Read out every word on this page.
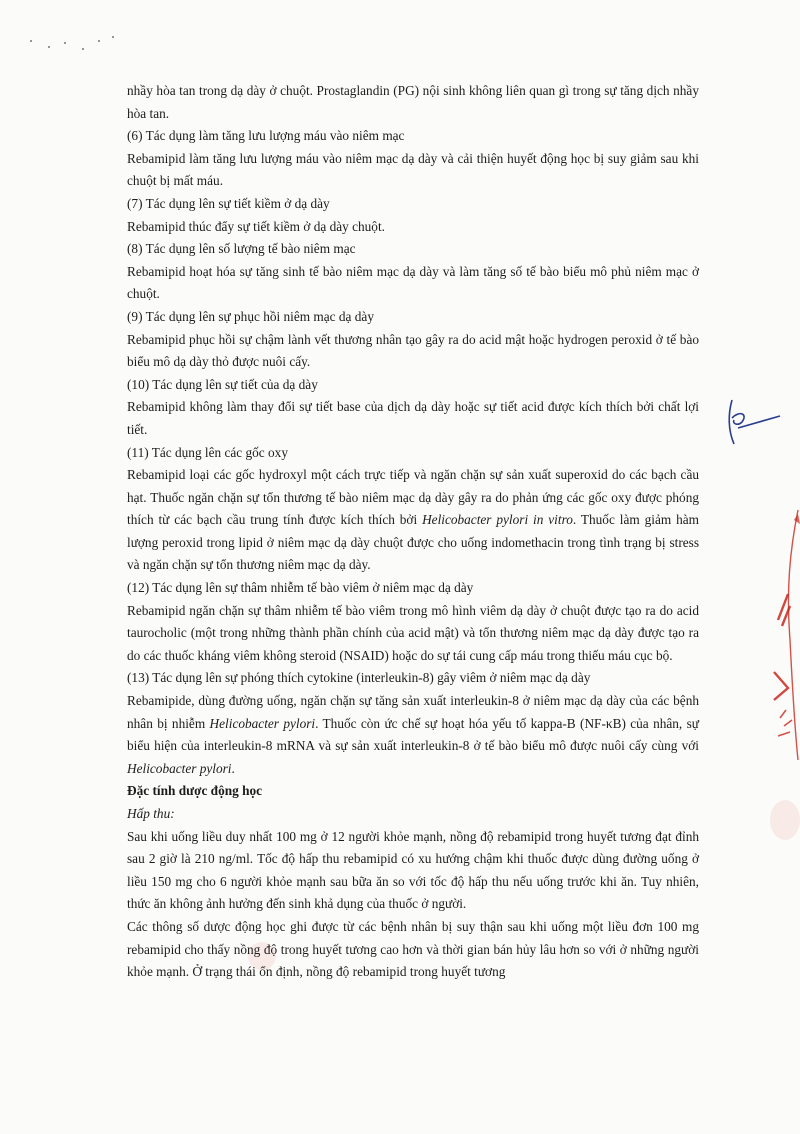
nhầy hòa tan trong dạ dày ở chuột. Prostaglandin (PG) nội sinh không liên quan gì trong sự tăng dịch nhầy hòa tan.

(6) Tác dụng làm tăng lưu lượng máu vào niêm mạc

Rebamipid làm tăng lưu lượng máu vào niêm mạc dạ dày và cải thiện huyết động học bị suy giảm sau khi chuột bị mất máu.

(7) Tác dụng lên sự tiết kiềm ở dạ dày

Rebamipid thúc đẩy sự tiết kiềm ở dạ dày chuột.

(8) Tác dụng lên số lượng tế bào niêm mạc

Rebamipid hoạt hóa sự tăng sinh tế bào niêm mạc dạ dày và làm tăng số tế bào biểu mô phủ niêm mạc ở chuột.

(9) Tác dụng lên sự phục hồi niêm mạc dạ dày

Rebamipid phục hồi sự chậm lành vết thương nhân tạo gây ra do acid mật hoặc hydrogen peroxid ở tế bào biểu mô dạ dày thỏ được nuôi cấy.

(10) Tác dụng lên sự tiết của dạ dày

Rebamipid không làm thay đổi sự tiết base của dịch dạ dày hoặc sự tiết acid được kích thích bởi chất lợi tiết.

(11) Tác dụng lên các gốc oxy

Rebamipid loại các gốc hydroxyl một cách trực tiếp và ngăn chặn sự sản xuất superoxid do các bạch cầu hạt. Thuốc ngăn chặn sự tổn thương tế bào niêm mạc dạ dày gây ra do phản ứng các gốc oxy được phóng thích từ các bạch cầu trung tính được kích thích bởi Helicobacter pylori in vitro. Thuốc làm giảm hàm lượng peroxid trong lipid ở niêm mạc dạ dày chuột được cho uống indomethacin trong tình trạng bị stress và ngăn chặn sự tổn thương niêm mạc dạ dày.

(12) Tác dụng lên sự thâm nhiễm tế bào viêm ở niêm mạc dạ dày

Rebamipid ngăn chặn sự thâm nhiễm tế bào viêm trong mô hình viêm dạ dày ở chuột được tạo ra do acid taurocholic (một trong những thành phần chính của acid mật) và tổn thương niêm mạc dạ dày được tạo ra do các thuốc kháng viêm không steroid (NSAID) hoặc do sự tái cung cấp máu trong thiếu máu cục bộ.

(13) Tác dụng lên sự phóng thích cytokine (interleukin-8) gây viêm ở niêm mạc dạ dày

Rebamipide, dùng đường uống, ngăn chặn sự tăng sản xuất interleukin-8 ở niêm mạc dạ dày của các bệnh nhân bị nhiễm Helicobacter pylori. Thuốc còn ức chế sự hoạt hóa yếu tố kappa-B (NF-κB) của nhân, sự biểu hiện của interleukin-8 mRNA và sự sản xuất interleukin-8 ở tế bào biểu mô được nuôi cấy cùng với Helicobacter pylori.

Đặc tính dược động học

Hấp thu:

Sau khi uống liều duy nhất 100 mg ở 12 người khỏe mạnh, nồng độ rebamipid trong huyết tương đạt đỉnh sau 2 giờ là 210 ng/ml. Tốc độ hấp thu rebamipid có xu hướng chậm khi thuốc được dùng đường uống ở liều 150 mg cho 6 người khỏe mạnh sau bữa ăn so với tốc độ hấp thu nếu uống trước khi ăn. Tuy nhiên, thức ăn không ảnh hưởng đến sinh khả dụng của thuốc ở người.

Các thông số dược động học ghi được từ các bệnh nhân bị suy thận sau khi uống một liều đơn 100 mg rebamipid cho thấy nồng độ trong huyết tương cao hơn và thời gian bán hủy lâu hơn so với ở những người khỏe mạnh. Ở trạng thái ổn định, nồng độ rebamipid trong huyết tương
